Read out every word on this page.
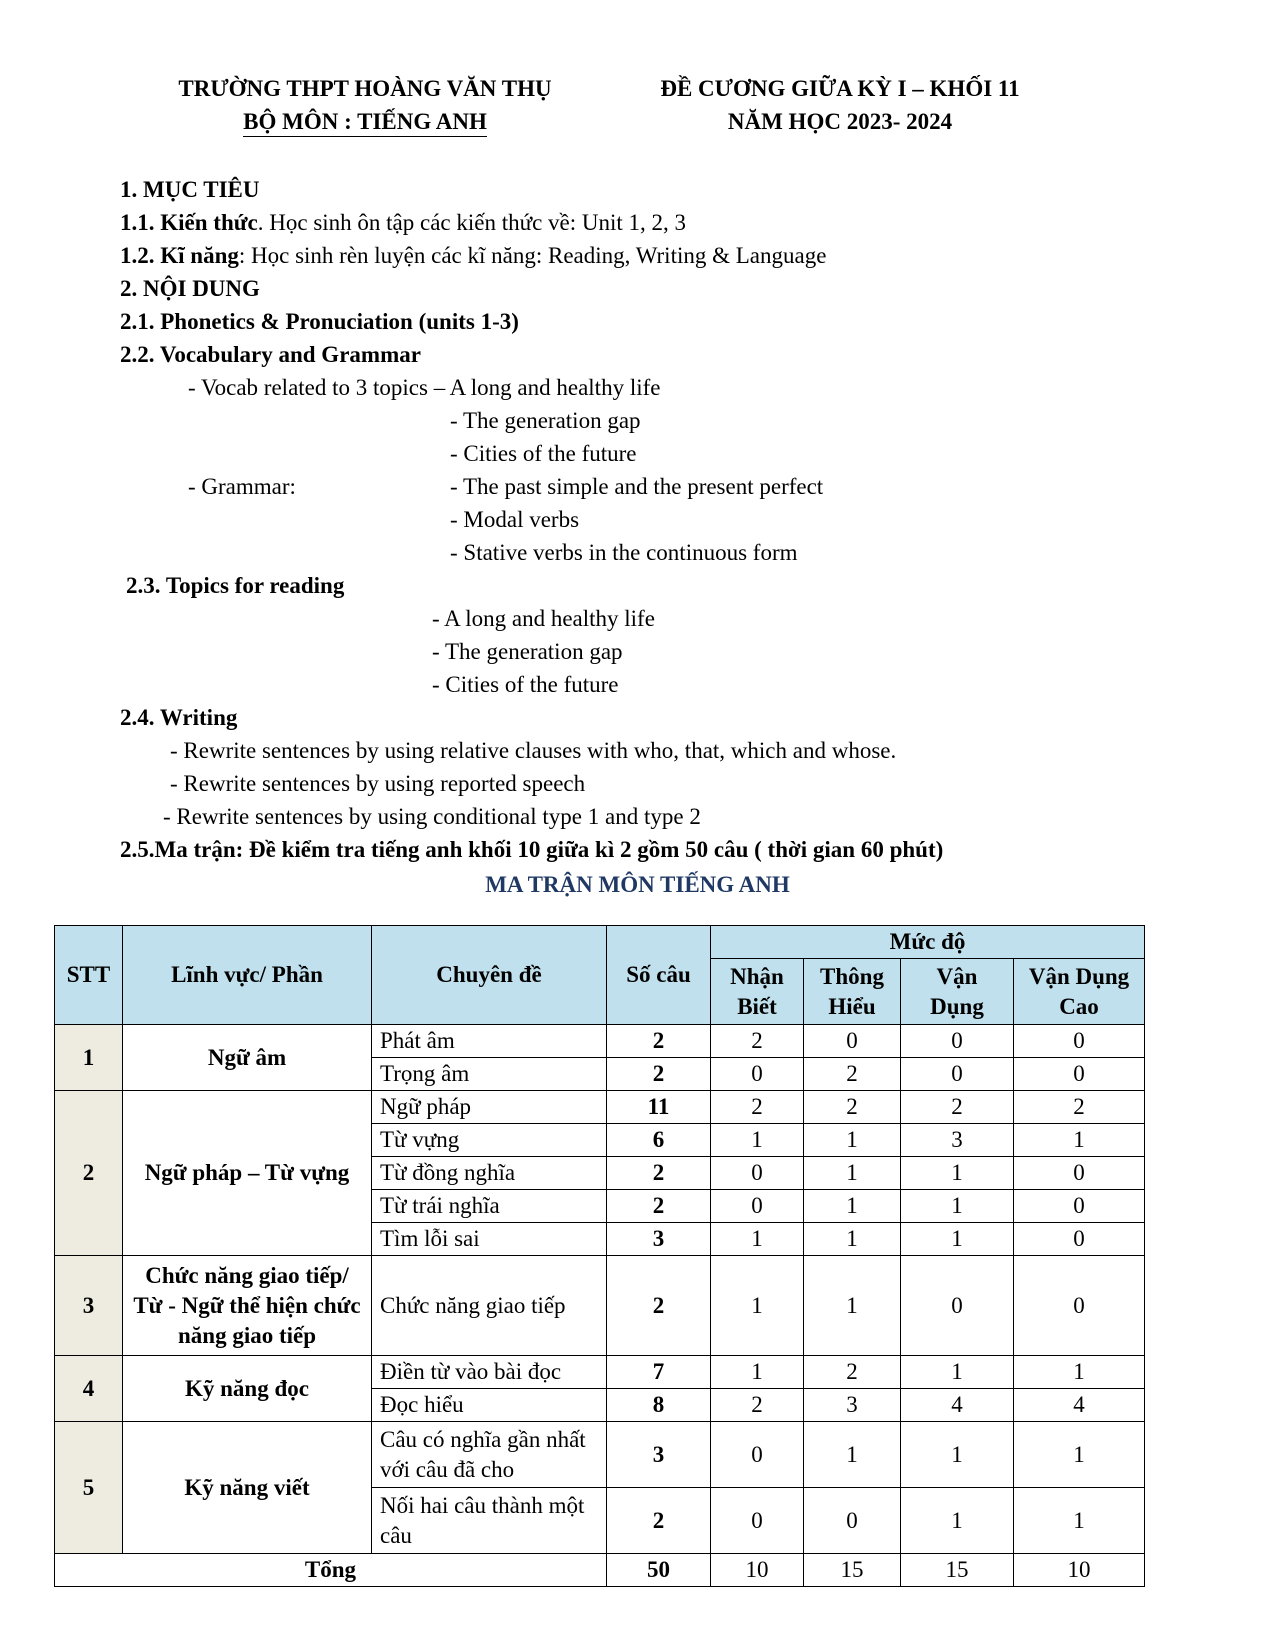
TRƯỜNG THPT HOÀNG VĂN THỤ
BỘ MÔN : TIẾNG ANH
ĐỀ CƯƠNG GIỮA KỲ I – KHỐI 11
NĂM HỌC 2023- 2024
1. MỤC TIÊU
1.1. Kiến thức. Học sinh ôn tập các kiến thức về: Unit 1, 2, 3
1.2. Kĩ năng: Học sinh rèn luyện các kĩ năng: Reading, Writing & Language
2. NỘI DUNG
2.1. Phonetics & Pronuciation (units 1-3)
2.2. Vocabulary and Grammar
- Vocab related to 3 topics – A long and healthy life
- The generation gap
- Cities of the future
- Grammar:	- The past simple and the present perfect
- Modal verbs
- Stative verbs in the continuous form
2.3. Topics for reading
- A long and healthy life
- The generation gap
- Cities of the future
2.4. Writing
- Rewrite sentences by using relative clauses with who, that, which and whose.
- Rewrite sentences by using reported speech
- Rewrite sentences by using conditional type 1 and type 2
2.5.Ma trận: Đề kiểm tra tiếng anh khối 10 giữa kì 2 gồm 50 câu ( thời gian 60 phút)
MA TRẬN MÔN TIẾNG ANH
STT	Lĩnh vực/ Phần	Chuyên đề	Số câu	Mức độ			
				Nhận Biết	Thông Hiểu	Vận Dụng	Vận Dụng Cao

1	Ngữ âm	Phát âm	2	2	0	0	0
		Trọng âm	2	0	2	0	0
2	Ngữ pháp – Từ vựng	Ngữ pháp	11	2	2	2	2
		Từ vựng	6	1	1	3	1
		Từ đồng nghĩa	2	0	1	1	0
		Từ trái nghĩa	2	0	1	1	0
		Tìm lỗi sai	3	1	1	1	0
3	Chức năng giao tiếp/ Từ - Ngữ thể hiện chức năng giao tiếp	Chức năng giao tiếp	2	1	1	0	0
4	Kỹ năng đọc	Điền từ vào bài đọc	7	1	2	1	1
		Đọc hiểu	8	2	3	4	4
5	Kỹ năng viết	Câu có nghĩa gần nhất với câu đã cho	3	0	1	1	1
		Nối hai câu thành một câu	2	0	0	1	1
Tổng			50	10	15	15	10
